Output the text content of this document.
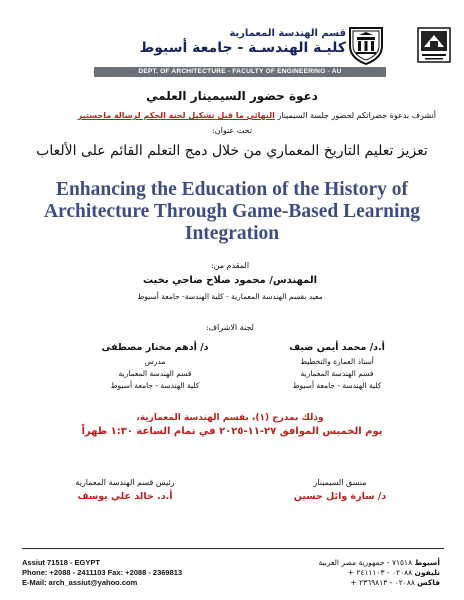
قسم الهندسة المعمارية
كليـة الهندسـة - جامعة أسيوط
DEPT. OF ARCHITECTURE - FACULTY OF ENGINEERING - AU
دعوة حضور السيمينار العلمي
أتشرف بدعوة حضراتكم لحضور جلسة السيمينار النهائي ما قبل تشكيل لجنة الحكم لرسالة ماجستير
تحت عنوان:
تعزيز تعليم التاريخ المعماري من خلال دمج التعلم القائم على الألعاب
Enhancing the Education of the History of Architecture Through Game-Based Learning Integration
المقدم من:
المهندس/ محمود صلاح ضاحي بخيت
معيد بقسم الهندسة المعمارية - كلية الهندسة- جامعة أسيوط
لجنة الاشراف:
أ.د/ محمد أيمن ضيف
أستاذ العمارة والتخطيط
قسم الهندسة المعمارية
كلية الهندسة - جامعة أسيوط
د/ أدهم مختار مصطفى
مدرس
قسم الهندسة المعمارية
كلية الهندسة - جامعة أسيوط
وذلك بمدرج (١)، بقسم الهندسة المعمارية،
يوم الخميس الموافق ٢٧-١١-٢٠٢٥ في تمام الساعة ١:٣٠ ظهراً
منسق السيمينار
د/ سارة وائل حسين
رئيس قسم الهندسة المعمارية
أ.د. خالد علي يوسف
Assiut 71518 - EGYPT
Phone: +2088 - 2411103 Fax: +2088 - 2369813
E-Mail: arch_assiut@yahoo.com
أسيوط ٧١٥١٨ - جمهورية مصر العربية
تليفون ٠٢٠٨٨ - ٢٤١١١٠٣ +
فاكس ٠٢٠٨٨ - ٢٣٦٩٨١٣ +
